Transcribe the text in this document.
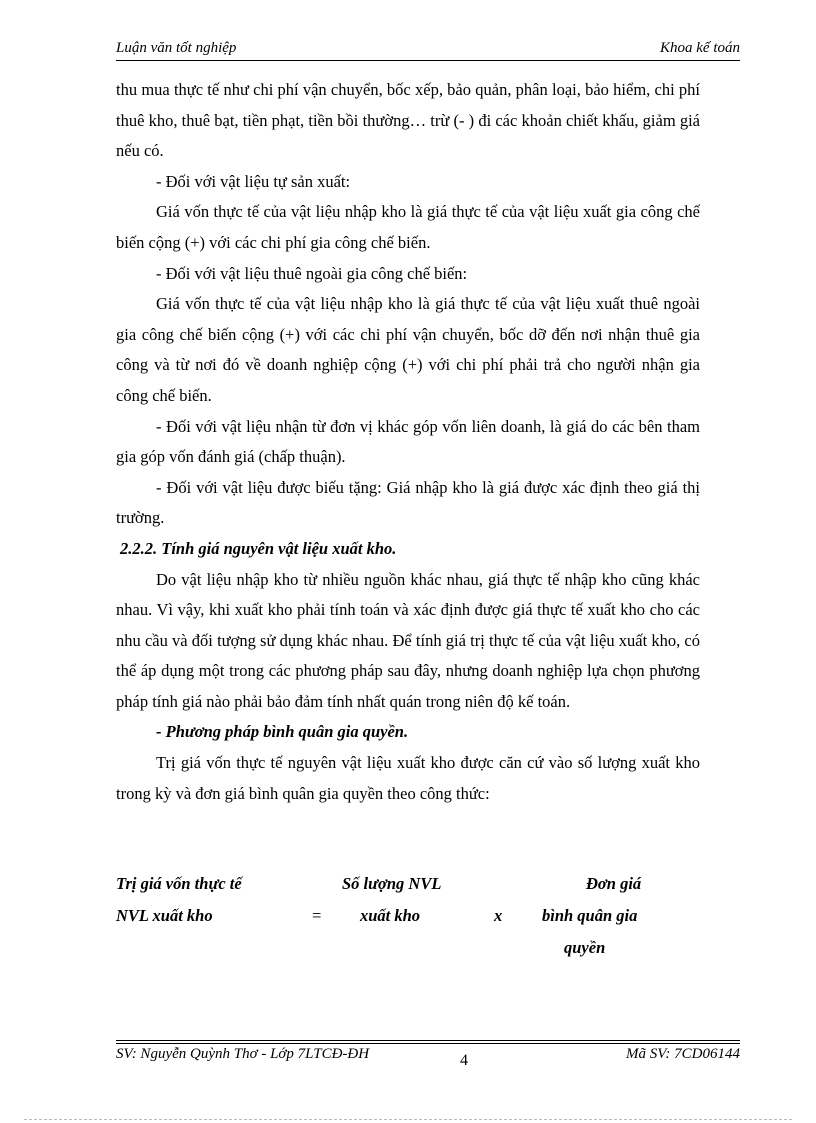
Luận văn tốt nghiệp	Khoa kế toán

thu mua thực tế như chi phí vận chuyển, bốc xếp, bảo quản, phân loại, bảo hiểm, chi phí thuê kho, thuê bạt, tiền phạt, tiền bồi thường… trừ (- ) đi các khoản chiết khấu, giảm giá nếu có.

- Đối với vật liệu tự sản xuất:

Giá vốn thực tế của vật liệu nhập kho là giá thực tế của vật liệu xuất gia công chế biến cộng (+) với các chi phí gia công chế biến.

- Đối với vật liệu thuê ngoài gia công chế biến:

Giá vốn thực tế của vật liệu nhập kho là giá thực tế của vật liệu xuất thuê ngoài gia công chế biến cộng (+) với các chi phí vận chuyển, bốc dỡ đến nơi nhận thuê gia công và từ nơi đó về doanh nghiệp cộng (+) với chi phí phải trả cho người nhận gia công chế biến.

- Đối với vật liệu nhận từ đơn vị khác góp vốn liên doanh, là giá do các bên tham gia góp vốn đánh giá (chấp thuận).

- Đối với vật liệu được biếu tặng: Giá nhập kho là giá được xác định theo giá thị trường.

2.2.2. Tính giá nguyên vật liệu xuất kho.

Do vật liệu nhập kho từ nhiều nguồn khác nhau, giá thực tế nhập kho cũng khác nhau. Vì vậy, khi xuất kho phải tính toán và xác định được giá thực tế xuất kho cho các nhu cầu và đối tượng sử dụng khác nhau. Để tính giá trị thực tế của vật liệu xuất kho, có thể áp dụng một trong các phương pháp sau đây, nhưng doanh nghiệp lựa chọn phương pháp tính giá nào phải bảo đảm tính nhất quán trong niên độ kế toán.

- Phương pháp bình quân gia quyền.

Trị giá vốn thực tế nguyên vật liệu xuất kho được căn cứ vào số lượng xuất kho trong kỳ và đơn giá bình quân gia quyền theo công thức:

Trị giá vốn thực tế
NVL xuất kho	=
Số lượng NVL
xuất kho	x
Đơn giá
bình quân gia
quyền
SV: Nguyễn Quỳnh Thơ - Lớp 7LTCĐ-ĐH	4	Mã SV: 7CD06144
